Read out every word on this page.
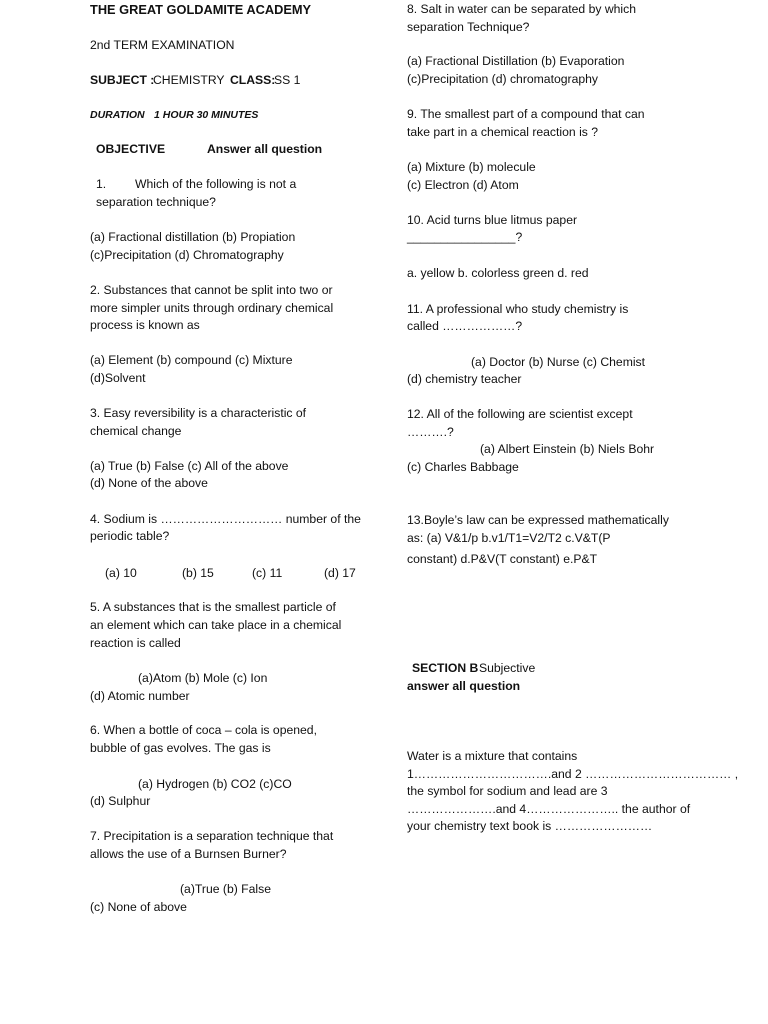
THE GREAT GOLDAMITE ACADEMY
2nd TERM EXAMINATION
SUBJECT :
CHEMISTRY CLASS:
SS 1
DURATION 1 HOUR 30 MINUTES
OBJECTIVE	Answer all question
1. Which of the following is not a
separation technique?
(a) Fractional distillation (b) Propiation
(c)Precipitation (d) Chromatography
2. Substances that cannot be split into two or
more simpler units through ordinary chemical
process is known as
(a) Element (b) compound (c) Mixture
(d)Solvent
3. Easy reversibility is a characteristic of
chemical change
(a) True (b) False (c) All of the above
(d) None of the above
4. Sodium is ………………………… number of the
periodic table?
(a) 10	(b) 15	(c) 11	(d) 17
5. A substances that is the smallest particle of
an element which can take place in a chemical
reaction is called
(a)Atom (b) Mole (c) Ion
(d) Atomic number
6. When a bottle of coca – cola is opened,
bubble of gas evolves. The gas is
(a) Hydrogen (b) CO2 (c)CO
(d) Sulphur
7. Precipitation is a separation technique that
allows the use of a Burnsen Burner?
(a)True (b) False
(c) None of above
8. Salt in water can be separated by which
separation Technique?
(a) Fractional Distillation (b) Evaporation
(c)Precipitation (d) chromatography
9. The smallest part of a compound that can
take part in a chemical reaction is ?
(a) Mixture (b) molecule
(c) Electron (d) Atom
10. Acid turns blue litmus paper
________________?
a. yellow b. colorless green d. red
11. A professional who study chemistry is
called ………………?
(a) Doctor (b) Nurse (c) Chemist
(d) chemistry teacher
12. All of the following are scientist except
……….?
(a) Albert Einstein (b) Niels Bohr
(c) Charles Babbage
13.Boyle’s law can be expressed mathematically
as: (a) V&1/p b.v1/T1=V2/T2 c.V&T(P
constant) d.P&V(T constant) e.P&T
SECTION B Subjective
answer all question
Water is a mixture that contains
1…………………………….and 2 ……………………………… ,
the symbol for sodium and lead are 3
………………….and 4………………….. the author of
your chemistry text book is ……………………
